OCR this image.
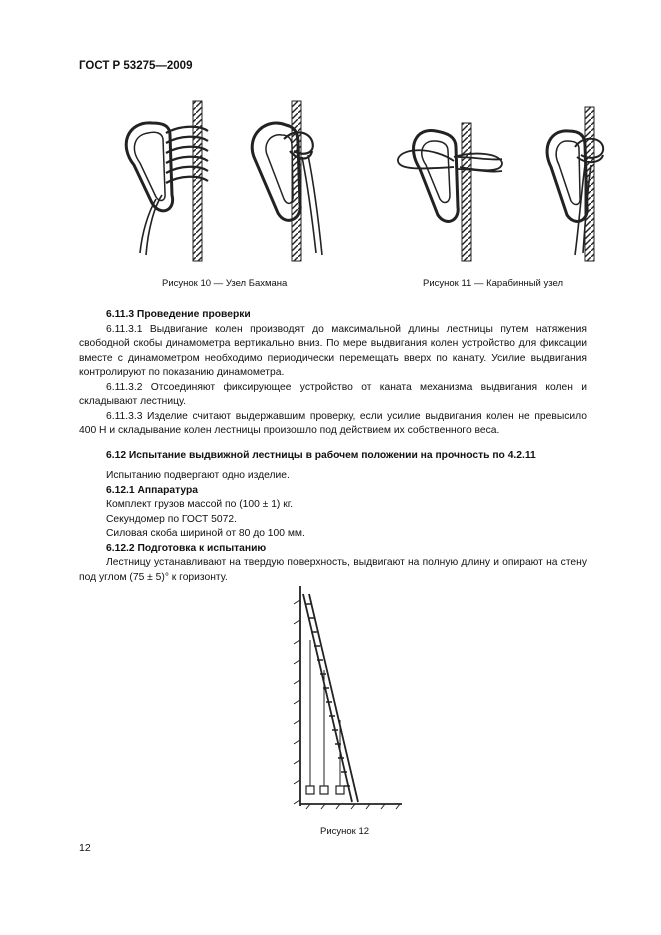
ГОСТ Р 53275—2009
Рисунок 10 — Узел Бахмана	Рисунок 11 — Карабинный узел

6.11.3 Проведение проверки

6.11.3.1 Выдвигание колен производят до максимальной длины лестницы путем натяжения свободной скобы динамометра вертикально вниз. По мере выдвигания колен устройство для фиксации вместе с динамометром необходимо периодически перемещать вверх по канату. Усилие выдвигания контролируют по показанию динамометра.

6.11.3.2 Отсоединяют фиксирующее устройство от каната механизма выдвигания колен и складывают лестницу.

6.11.3.3 Изделие считают выдержавшим проверку, если усилие выдвигания колен не превысило 400 Н и складывание колен лестницы произошло под действием их собственного веса.

6.12 Испытание выдвижной лестницы в рабочем положении на прочность по 4.2.11

Испытанию подвергают одно изделие.

6.12.1 Аппаратура

Комплект грузов массой по (100 ± 1) кг.

Секундомер по ГОСТ 5072.

Силовая скоба шириной от 80 до 100 мм.

6.12.2 Подготовка к испытанию

Лестницу устанавливают на твердую поверхность, выдвигают на полную длину и опирают на стену под углом (75 ± 5)° к горизонту.

Рисунок 12
12
